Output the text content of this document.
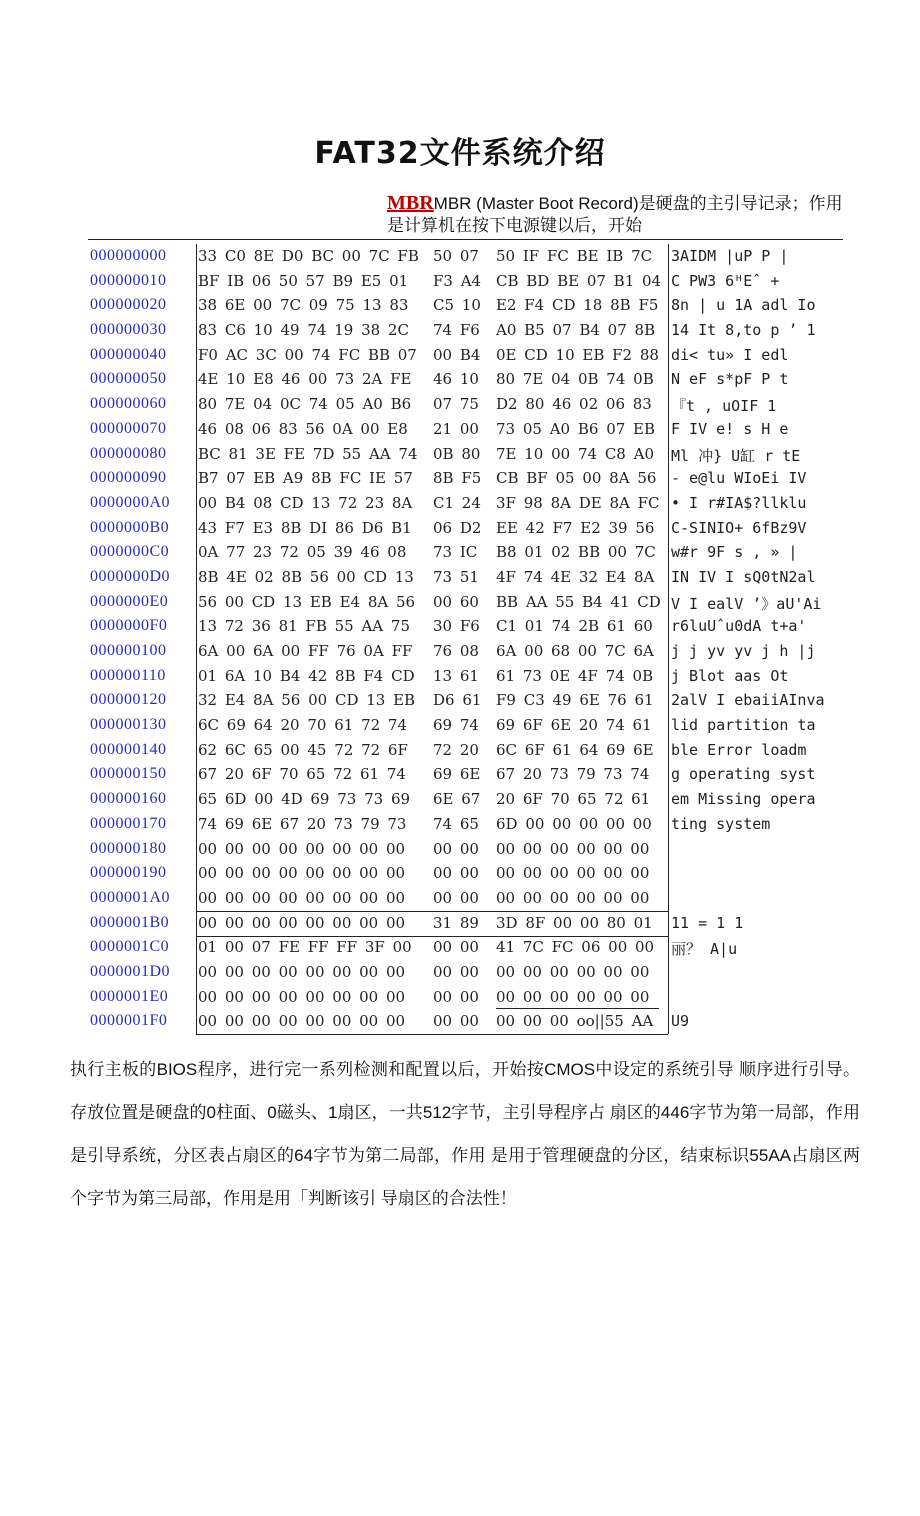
FAT32文件系统介绍
MBRMBR (Master Boot Record)是硬盘的主引导记录；作用是计算机在按下电源键以后，开始
000000000 33 C0 8E D0 BC 00 7C FB 50 07 50 IF FC BE IB 7C 3AIDM |uP P |
000000010 BF IB 06 50 57 B9 E5 01 F3 A4 CB BD BE 07 B1 04 С PW3 6ᴴEˆ +
000000020 38 6E 00 7C 09 75 13 83 C5 10 E2 F4 CD 18 8B F5 8n | u 1A adl Io
000000030 83 C6 10 49 74 19 38 2C 74 F6 A0 B5 07 B4 07 8B 14 It 8,to p ’ 1
000000040 F0 AC 3C 00 74 FC BB 07 00 B4 0E CD 10 EB F2 88 di< tu» I edl
000000050 4E 10 E8 46 00 73 2A FE 46 10 80 7E 04 0B 74 0B N eF s*pF P t
000000060 80 7E 04 0C 74 05 A0 B6 07 75 D2 80 46 02 06 83 『t , uOIF 1
000000070 46 08 06 83 56 0A 00 E8 21 00 73 05 A0 B6 07 EB F IV e! s H e
000000080 BC 81 3E FE 7D 55 AA 74 0B 80 7E 10 00 74 C8 A0 Ml 冲} U缸 r tE
000000090 B7 07 EB A9 8B FC IE 57 8B F5 CB BF 05 00 8A 56 - e@lu WIoEi IV
0000000A0 00 B4 08 CD 13 72 23 8A C1 24 3F 98 8A DE 8A FC • I r#IA$?llklu
0000000B0 43 F7 E3 8B DI 86 D6 B1 06 D2 EE 42 F7 E2 39 56 C-SINIO+ 6fBz9V
0000000C0 0A 77 23 72 05 39 46 08 73 IC B8 01 02 BB 00 7C w#r 9F s , » |
0000000D0 8B 4E 02 8B 56 00 CD 13 73 51 4F 74 4E 32 E4 8A IN IV I sQ0tN2al
0000000E0 56 00 CD 13 EB E4 8A 56 00 60 BB AA 55 B4 41 CD V I ealV ’》aU'Ai
0000000F0 13 72 36 81 FB 55 AA 75 30 F6 C1 01 74 2B 61 60 r6luUˆu0dA t+a'
000000100 6A 00 6A 00 FF 76 0A FF 76 08 6A 00 68 00 7C 6A j j yv yv j h |j
000000110 01 6A 10 B4 42 8B F4 CD 13 61 61 73 0E 4F 74 0B j Blot aas Ot
000000120 32 E4 8A 56 00 CD 13 EB D6 61 F9 C3 49 6E 76 61 2alV I ebaiiAInva
000000130 6C 69 64 20 70 61 72 74 69 74 69 6F 6E 20 74 61 lid partition ta
000000140 62 6C 65 00 45 72 72 6F 72 20 6C 6F 61 64 69 6E ble Error loadm
000000150 67 20 6F 70 65 72 61 74 69 6E 67 20 73 79 73 74 g operating syst
000000160 65 6D 00 4D 69 73 73 69 6E 67 20 6F 70 65 72 61 em Missing opera
000000170 74 69 6E 67 20 73 79 73 74 65 6D 00 00 00 00 00 ting system
000000180 00 00 00 00 00 00 00 00 00 00 00 00 00 00 00 00
000000190 00 00 00 00 00 00 00 00 00 00 00 00 00 00 00 00
0000001A0 00 00 00 00 00 00 00 00 00 00 00 00 00 00 00 00
0000001B0 00 00 00 00 00 00 00 00 31 89 3D 8F 00 00 80 01 11 = 1 1
0000001C0 01 00 07 FE FF FF 3F 00 00 00 41 7C FC 06 00 00 丽？ A|u
0000001D0 00 00 00 00 00 00 00 00 00 00 00 00 00 00 00 00
0000001E0 00 00 00 00 00 00 00 00 00 00 00 00 00 00 00 00
0000001F0 00 00 00 00 00 00 00 00 00 00 00 00 00 oo||55 AA U9
执行主板的BIOS程序，进行完一系列检测和配置以后，开始按CMOS中设定的系统引导 顺序进行引导。存放位置是硬盘的0柱面、0磁头、1扇区，一共512字节，主引导程序占 扇区的446字节为第一局部，作用是引导系统，分区表占扇区的64字节为第二局部，作用 是用于管理硬盘的分区，结束标识55AA占扇区两个字节为第三局部，作用是用「判断该引 导扇区的合法性！
